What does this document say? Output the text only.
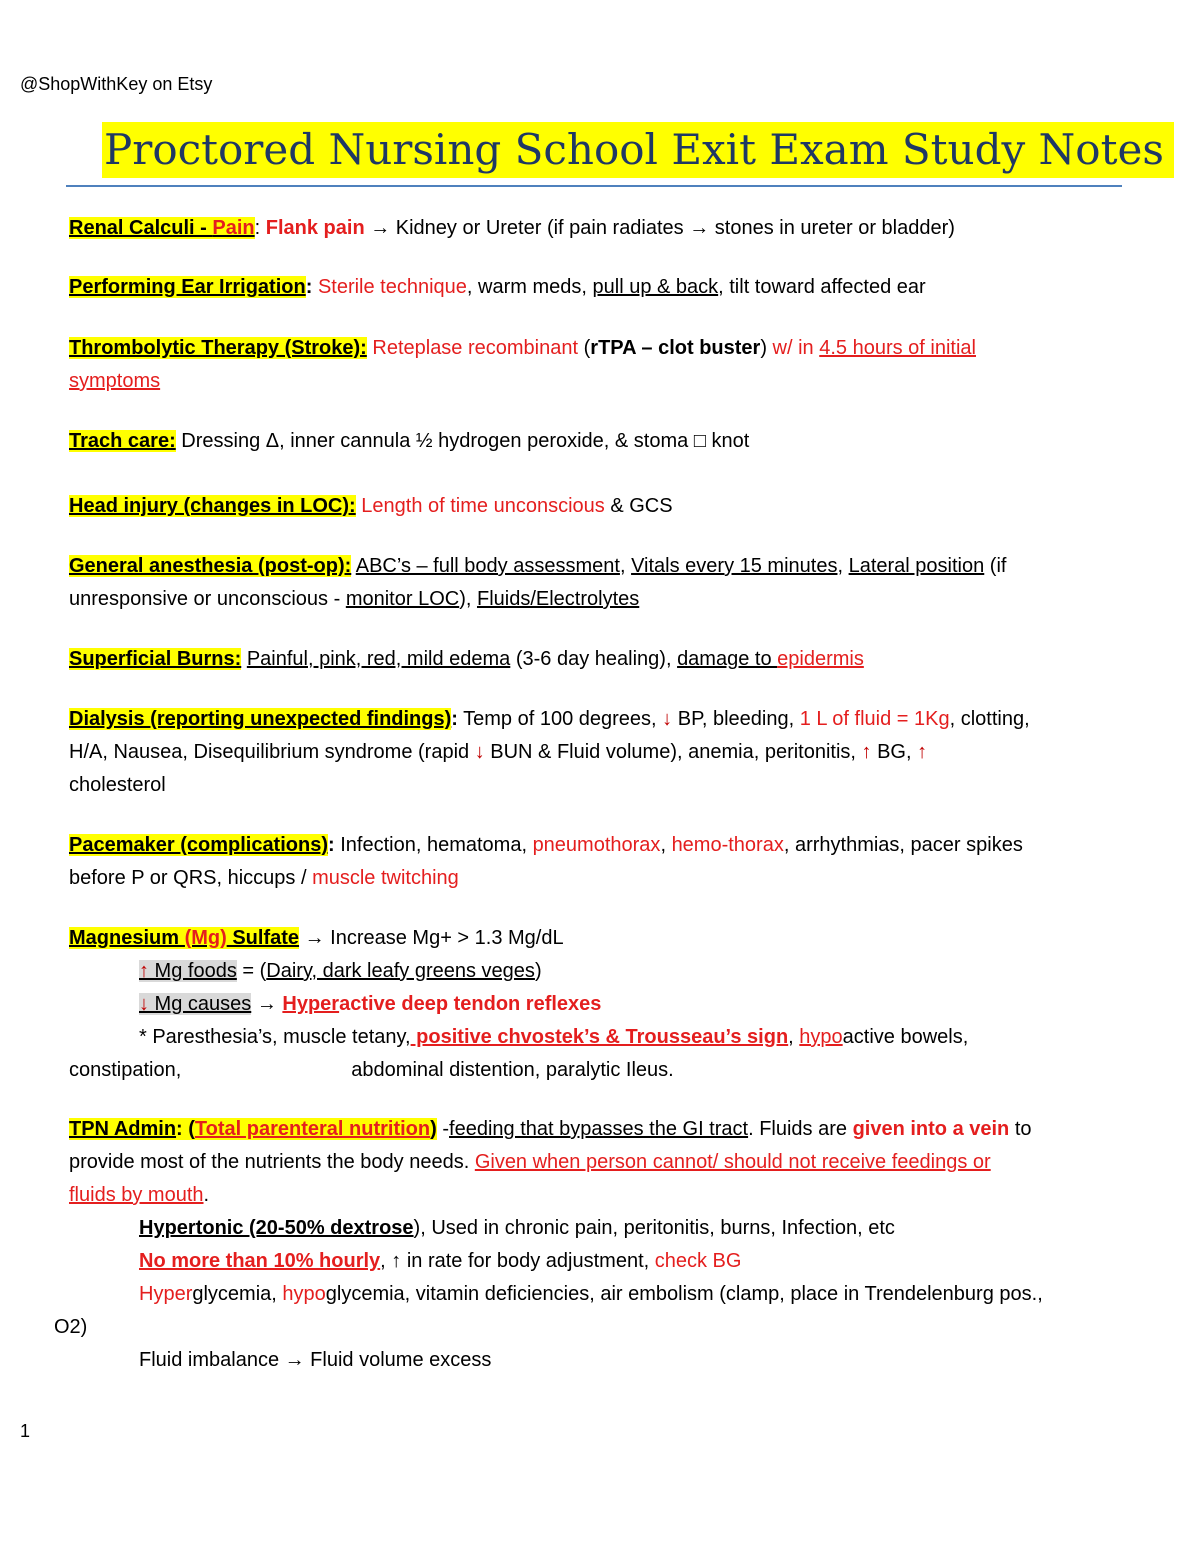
@ShopWithKey on Etsy
Proctored Nursing School Exit Exam Study Notes
Renal Calculi - Pain: Flank pain → Kidney or Ureter (if pain radiates → stones in ureter or bladder)
Performing Ear Irrigation: Sterile technique, warm meds, pull up & back, tilt toward affected ear
Thrombolytic Therapy (Stroke): Reteplase recombinant (rTPA – clot buster) w/ in 4.5 hours of initial
symptoms
Trach care: Dressing Δ, inner cannula ½ hydrogen peroxide, & stoma □ knot
Head injury (changes in LOC): Length of time unconscious & GCS
General anesthesia (post-op): ABC’s – full body assessment, Vitals every 15 minutes, Lateral position (if
unresponsive or unconscious - monitor LOC), Fluids/Electrolytes
Superficial Burns: Painful, pink, red, mild edema (3-6 day healing), damage to epidermis
Dialysis (reporting unexpected findings): Temp of 100 degrees, ↓ BP, bleeding, 1 L of fluid = 1Kg, clotting,
H/A, Nausea, Disequilibrium syndrome (rapid ↓ BUN & Fluid volume), anemia, peritonitis, ↑ BG, ↑
cholesterol
Pacemaker (complications): Infection, hematoma, pneumothorax, hemo-thorax, arrhythmias, pacer spikes
before P or QRS, hiccups / muscle twitching
Magnesium (Mg) Sulfate → Increase Mg+ > 1.3 Mg/dL
↑ Mg foods = (Dairy, dark leafy greens veges)
↓ Mg causes → Hyperactive deep tendon reflexes
* Paresthesia’s, muscle tetany, positive chvostek’s & Trousseau’s sign, hypoactive bowels,
constipation,	abdominal distention, paralytic Ileus.
TPN Admin: (Total parenteral nutrition) -feeding that bypasses the GI tract. Fluids are given into a vein to
provide most of the nutrients the body needs. Given when person cannot/ should not receive feedings or
fluids by mouth.
Hypertonic (20-50% dextrose), Used in chronic pain, peritonitis, burns, Infection, etc
No more than 10% hourly, ↑ in rate for body adjustment, check BG
Hyperglycemia, hypoglycemia, vitamin deficiencies, air embolism (clamp, place in Trendelenburg pos.,
O2)
Fluid imbalance → Fluid volume excess
1
